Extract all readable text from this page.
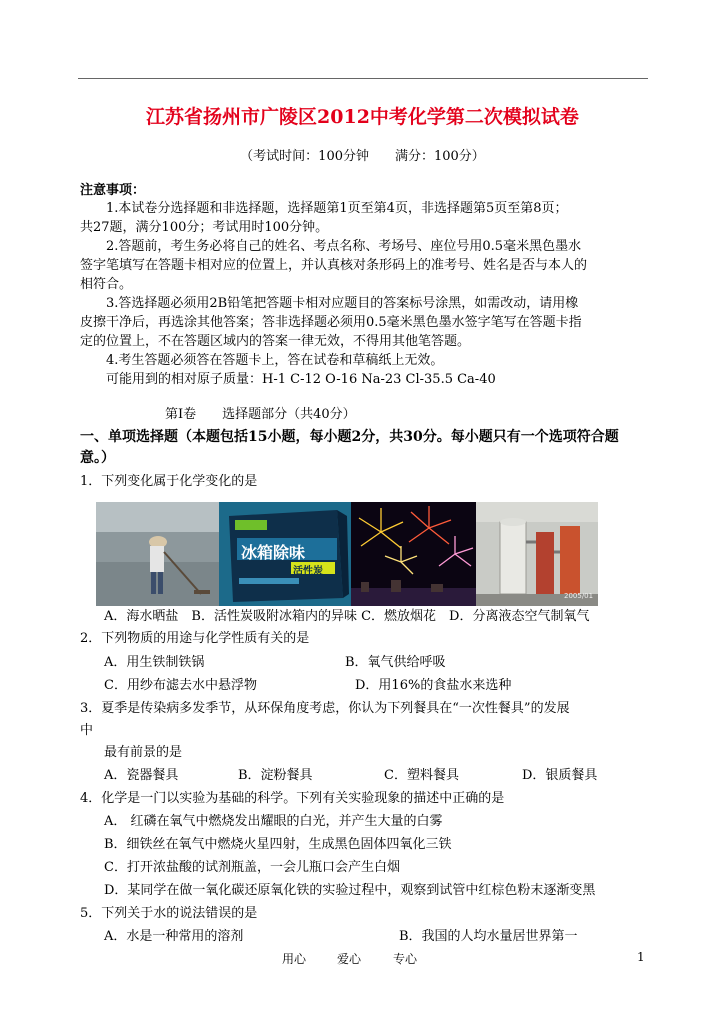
江苏省扬州市广陵区2012中考化学第二次模拟试卷
（考试时间：100分钟　　满分：100分）
注意事项：
1.本试卷分选择题和非选择题，选择题第1页至第4页，非选择题第5页至第8页；
共27题，满分100分；考试用时100分钟。
2.答题前，考生务必将自己的姓名、考点名称、考场号、座位号用0.5毫米黑色墨水
签字笔填写在答题卡相对应的位置上，并认真核对条形码上的准考号、姓名是否与本人的
相符合。
3.答选择题必须用2B铅笔把答题卡相对应题目的答案标号涂黑，如需改动，请用橡
皮擦干净后，再选涂其他答案；答非选择题必须用0.5毫米黑色墨水签字笔写在答题卡指
定的位置上，不在答题区域内的答案一律无效，不得用其他笔答题。
4.考生答题必须答在答题卡上，答在试卷和草稿纸上无效。
可能用到的相对原子质量：H-1 C-12 O-16 Na-23 Cl-35.5 Ca-40
第Ⅰ卷　　选择题部分（共40分）
一、单项选择题（本题包括15小题，每小题2分，共30分。每小题只有一个选项符合题
意。）
1．下列变化属于化学变化的是
冰箱除味
活性炭
2005/01
A．海水晒盐　B．活性炭吸附冰箱内的异味 C．燃放烟花　D．分离液态空气制氧气
2．下列物质的用途与化学性质有关的是
A．用生铁制铁锅	B．氧气供给呼吸
C．用纱布滤去水中悬浮物	D．用16%的食盐水来选种
3．夏季是传染病多发季节，从环保角度考虑，你认为下列餐具在“一次性餐具”的发展
中
最有前景的是
A．瓷器餐具	B．淀粉餐具	C．塑料餐具	D．银质餐具
4．化学是一门以实验为基础的科学。下列有关实验现象的描述中正确的是
A． 红磷在氧气中燃烧发出耀眼的白光，并产生大量的白雾
B．细铁丝在氧气中燃烧火星四射，生成黑色固体四氧化三铁
C．打开浓盐酸的试剂瓶盖，一会儿瓶口会产生白烟
D．某同学在做一氧化碳还原氧化铁的实验过程中，观察到试管中红棕色粉末逐渐变黑
5．下列关于水的说法错误的是
A．水是一种常用的溶剂	B．我国的人均水量居世界第一
用心	爱心	专心	1
